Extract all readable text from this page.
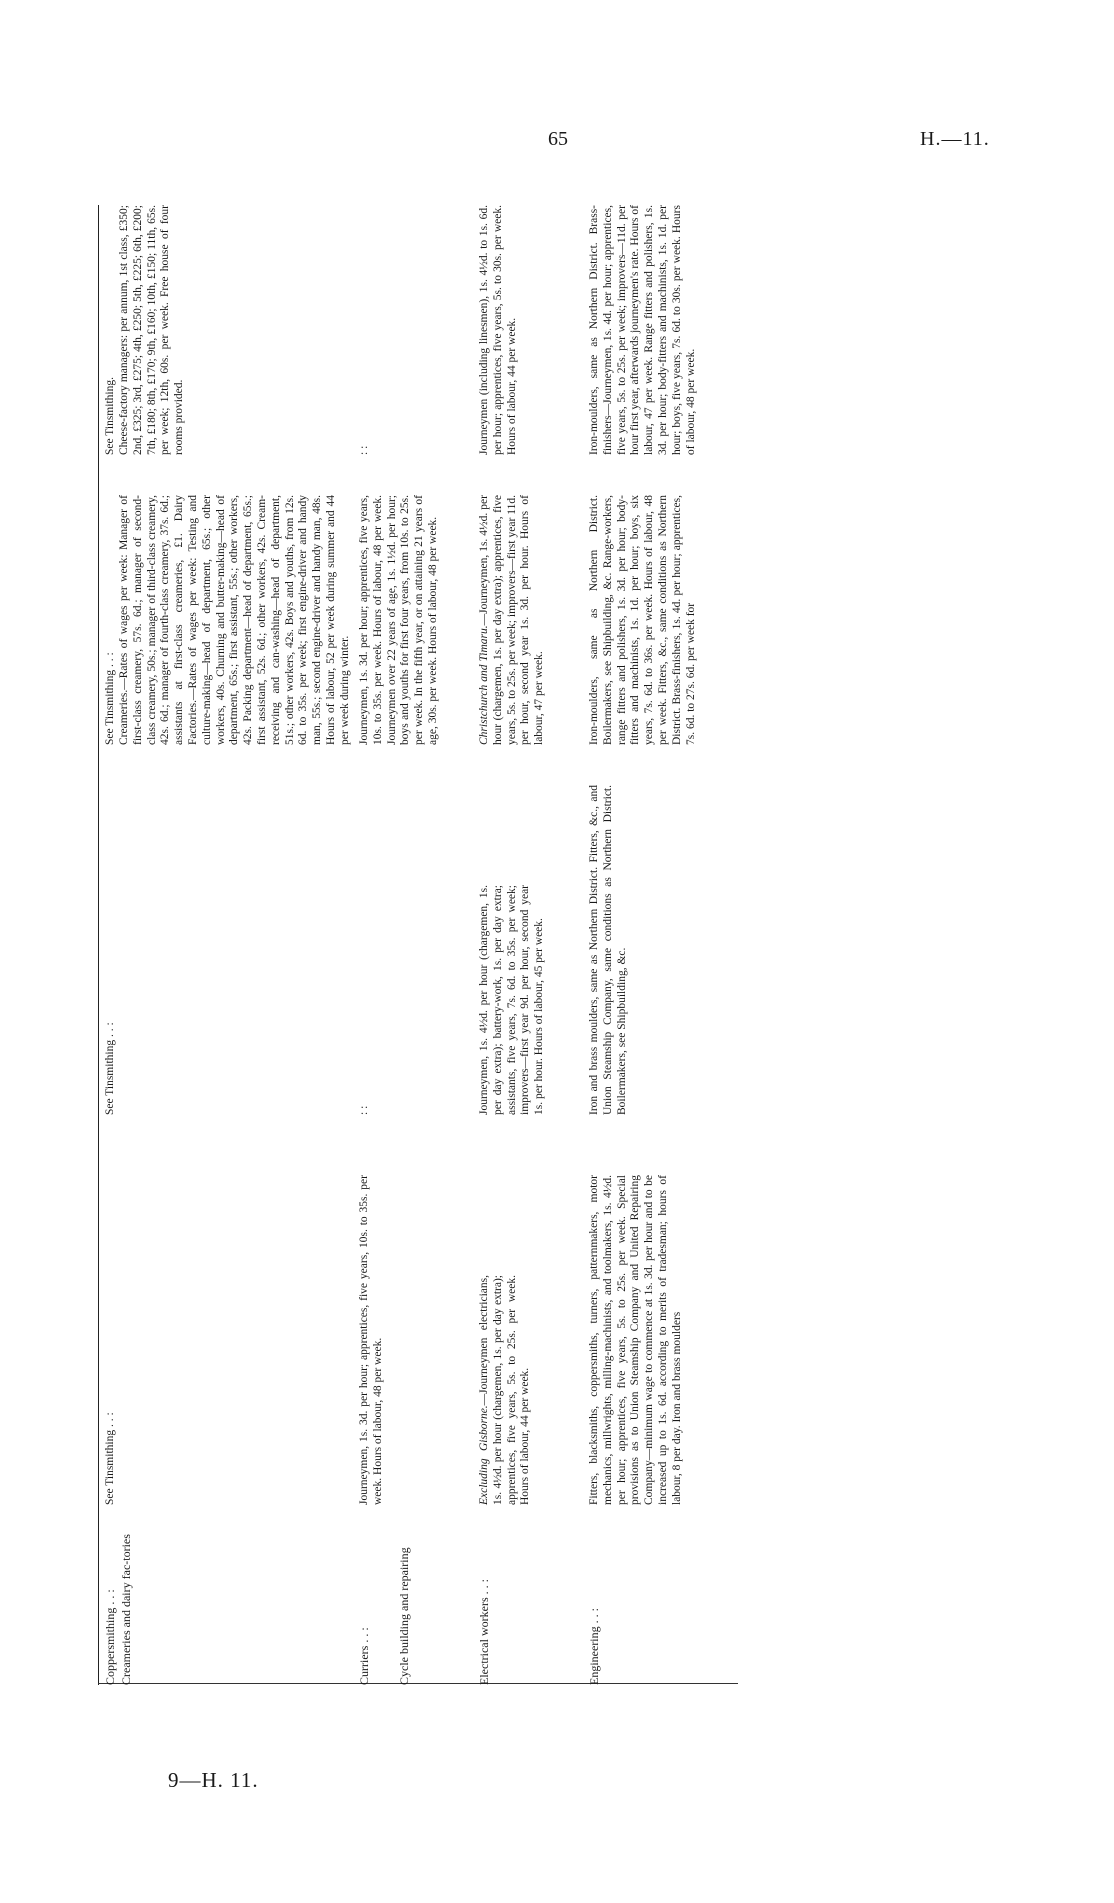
65	H.—11.
Coppersmithing . . : Creameries and dairy fac-tories
See Tinsmithing . . :
See Tinsmithing . . :
See Tinsmithing . . : Creameries.—Rates of wages per week: Manager of first-class creamery, 57s. 6d.; manager of second-class creamery, 50s.; manager of third-class creamery, 42s. 6d.; manager of fourth-class creamery, 37s. 6d.; assistants at first-class creameries, £1. Dairy Factories.—Rates of wages per week: Testing and culture-making—head of department, 65s.; other workers, 40s. Churning and butter-making—head of department, 65s.; first assistant, 55s.; other workers, 42s. Packing department—head of department, 65s.; first assistant, 52s. 6d.; other workers, 42s. Cream-receiving and can-washing—head of department, 51s.; other workers, 42s. Boys and youths, from 12s. 6d. to 35s. per week; first engine-driver and handy man, 55s.; second engine-driver and handy man, 48s. Hours of labour, 52 per week during summer and 44 per week during winter.
See Tinsmithing. Cheese-factory managers: per annum, 1st class, £350; 2nd, £325; 3rd, £275; 4th, £250; 5th, £225; 6th, £200; 7th, £180; 8th, £170; 9th, £160; 10th, £150; 11th, 65s. per week; 12th, 60s. per week. Free house of four rooms provided.
Curriers . . : Cycle building and repairing
Journeymen, 1s. 3d. per hour; apprentices, five years, 10s. to 35s. per week. Hours of labour, 48 per week.
: :
Journeymen, 1s. 3d. per hour; apprentices, five years, 10s. to 35s. per week. Hours of labour, 48 per week. Journeymen over 22 years of age, 1s. 1½d. per hour; boys and youths for first four years, from 10s. to 25s. per week. In the fifth year, or on attaining 21 years of age, 30s. per week. Hours of labour, 48 per week.
: :
Electrical workers . . :
Excluding Gisborne.—Journeymen electricians, 1s. 4½d. per hour (chargemen, 1s. per day extra); apprentices, five years, 5s. to 25s. per week. Hours of labour, 44 per week.
Journeymen, 1s. 4½d. per hour (chargemen, 1s. per day extra); battery-work, 1s. per day extra; assistants, five years, 7s. 6d. to 35s. per week; improvers—first year 9d. per hour, second year 1s. per hour. Hours of labour, 45 per week.
Christchurch and Timaru.—Journeymen, 1s. 4½d. per hour (chargemen, 1s. per day extra); apprentices, five years, 5s. to 25s. per week; improvers—first year 11d. per hour, second year 1s. 3d. per hour. Hours of labour, 47 per week.
Journeymen (including linesmen), 1s. 4½d. to 1s. 6d. per hour; apprentices, five years, 5s. to 30s. per week. Hours of labour, 44 per week.
Engineering . . :
Fitters, blacksmiths, coppersmiths, turners, patternmakers, motor mechanics, millwrights, milling-machinists, and toolmakers, 1s. 4½d. per hour; apprentices, five years, 5s. to 25s. per week. Special provisions as to Union Steamship Company and United Repairing Company—minimum wage to commence at 1s. 3d. per hour and to be increased up to 1s. 6d. according to merits of tradesman; hours of labour, 8 per day. Iron and brass moulders
Iron and brass moulders, same as Northern District. Fitters, &c., and Union Steamship Company, same conditions as Northern District. Boilermakers, see Shipbuilding, &c.
Iron-moulders, same as Northern District. Boilermakers, see Shipbuilding, &c. Range-workers, range fitters and polishers, 1s. 3d. per hour; body-fitters and machinists, 1s. 1d. per hour; boys, six years, 7s. 6d. to 36s. per week. Hours of labour, 48 per week. Fitters, &c., same conditions as Northern District. Brass-finishers, 1s. 4d. per hour; apprentices, 7s. 6d. to 27s. 6d. per week for
Iron-moulders, same as Northern District. Brass-finishers—Journeymen, 1s. 4d. per hour; apprentices, five years, 5s. to 25s. per week; improvers—11d. per hour first year, afterwards journeymen's rate. Hours of labour, 47 per week. Range fitters and polishers, 1s. 3d. per hour; body-fitters and machinists, 1s. 1d. per hour; boys, five years, 7s. 6d. to 30s. per week. Hours of labour, 48 per week.
9—H. 11.
